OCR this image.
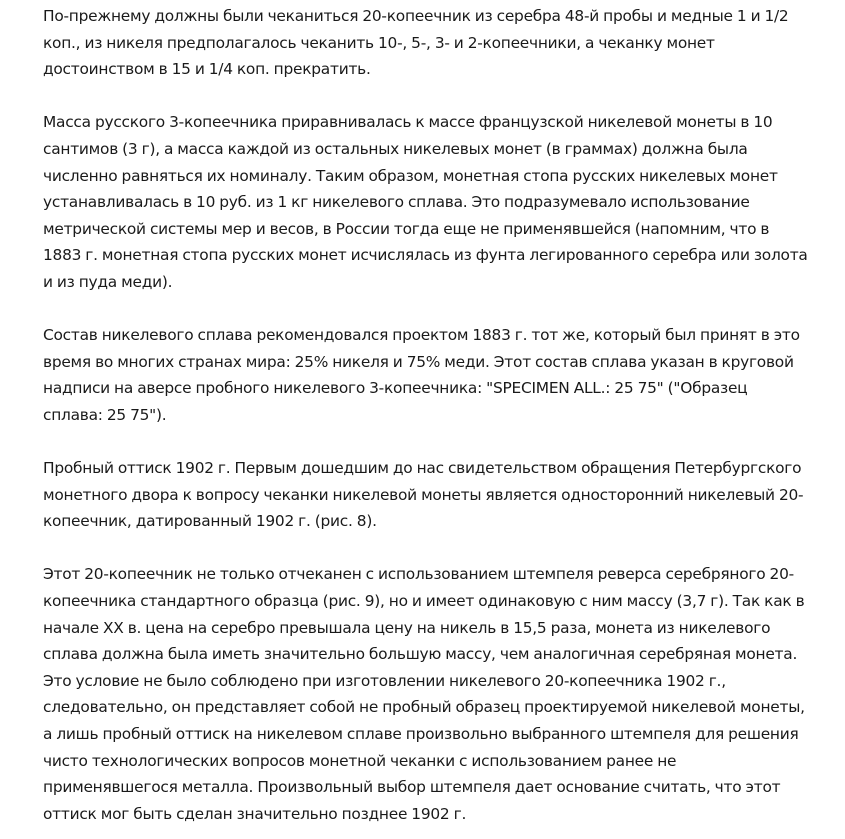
По-прежнему должны были чеканиться 20-копеечник из серебра 48-й пробы и медные 1 и 1/2
коп., из никеля предполагалось чеканить 10-, 5-, 3- и 2-копеечники, а чеканку монет
достоинством в 15 и 1/4 коп. прекратить.

Масса русского 3-копеечника приравнивалась к массе французской никелевой монеты в 10
сантимов (3 г), а масса каждой из остальных никелевых монет (в граммах) должна была
численно равняться их номиналу. Таким образом, монетная стопа русских никелевых монет
устанавливалась в 10 руб. из 1 кг никелевого сплава. Это подразумевало использование
метрической системы мер и весов, в России тогда еще не применявшейся (напомним, что в
1883 г. монетная стопа русских монет исчислялась из фунта легированного серебра или золота
и из пуда меди).

Состав никелевого сплава рекомендовался проектом 1883 г. тот же, который был принят в это
время во многих странах мира: 25% никеля и 75% меди. Этот состав сплава указан в круговой
надписи на аверсе пробного никелевого 3-копеечника: "SPECIMEN ALL.: 25 75" ("Образец
сплава: 25 75").

Пробный оттиск 1902 г. Первым дошедшим до нас свидетельством обращения Петербургского
монетного двора к вопросу чеканки никелевой монеты является односторонний никелевый 20-
копеечник, датированный 1902 г. (рис. 8).

Этот 20-копеечник не только отчеканен с использованием штемпеля реверса серебряного 20-
копеечника стандартного образца (рис. 9), но и имеет одинаковую с ним массу (3,7 г). Так как в
начале XX в. цена на серебро превышала цену на никель в 15,5 раза, монета из никелевого
сплава должна была иметь значительно большую массу, чем аналогичная серебряная монета.
Это условие не было соблюдено при изготовлении никелевого 20-копеечника 1902 г.,
следовательно, он представляет собой не пробный образец проектируемой никелевой монеты,
а лишь пробный оттиск на никелевом сплаве произвольно выбранного штемпеля для решения
чисто технологических вопросов монетной чеканки с использованием ранее не
применявшегося металла. Произвольный выбор штемпеля дает основание считать, что этот
оттиск мог быть сделан значительно позднее 1902 г.
